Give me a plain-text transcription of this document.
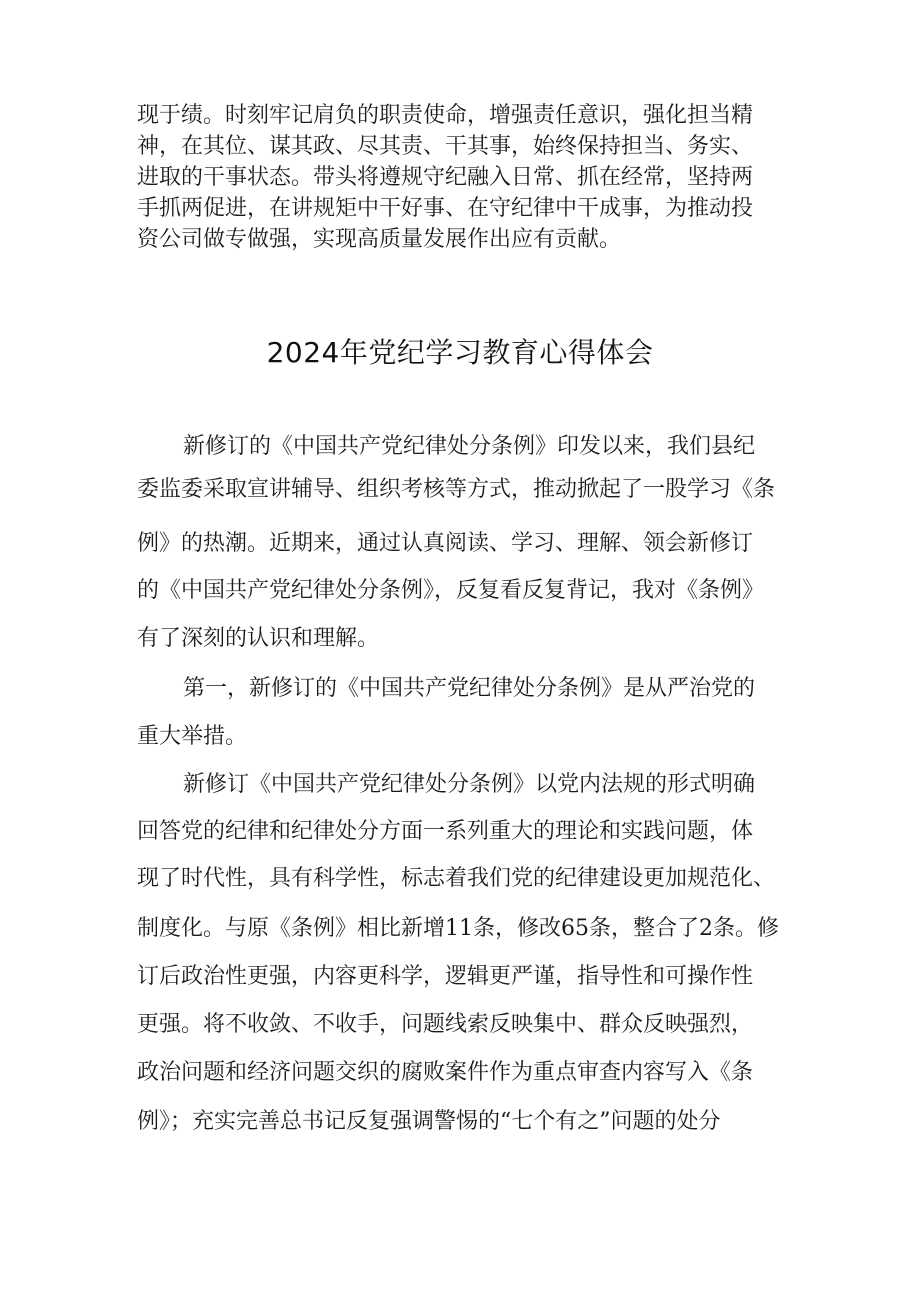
现于绩。时刻牢记肩负的职责使命，增强责任意识，强化担当精

神，在其位、谋其政、尽其责、干其事，始终保持担当、务实、

进取的干事状态。带头将遵规守纪融入日常、抓在经常，坚持两

手抓两促进，在讲规矩中干好事、在守纪律中干成事，为推动投

资公司做专做强，实现高质量发展作出应有贡献。

2024年党纪学习教育心得体会

新修订的《中国共产党纪律处分条例》印发以来，我们县纪

委监委采取宣讲辅导、组织考核等方式，推动掀起了一股学习《条

例》的热潮。近期来，通过认真阅读、学习、理解、领会新修订

的《中国共产党纪律处分条例》，反复看反复背记，我对《条例》

有了深刻的认识和理解。

第一，新修订的《中国共产党纪律处分条例》是从严治党的

重大举措。

新修订《中国共产党纪律处分条例》以党内法规的形式明确

回答党的纪律和纪律处分方面一系列重大的理论和实践问题，体

现了时代性，具有科学性，标志着我们党的纪律建设更加规范化、

制度化。与原《条例》相比新增11条，修改65条，整合了2条。修

订后政治性更强，内容更科学，逻辑更严谨，指导性和可操作性

更强。将不收敛、不收手，问题线索反映集中、群众反映强烈，

政治问题和经济问题交织的腐败案件作为重点审查内容写入《条

例》；充实完善总书记反复强调警惕的“七个有之”问题的处分
